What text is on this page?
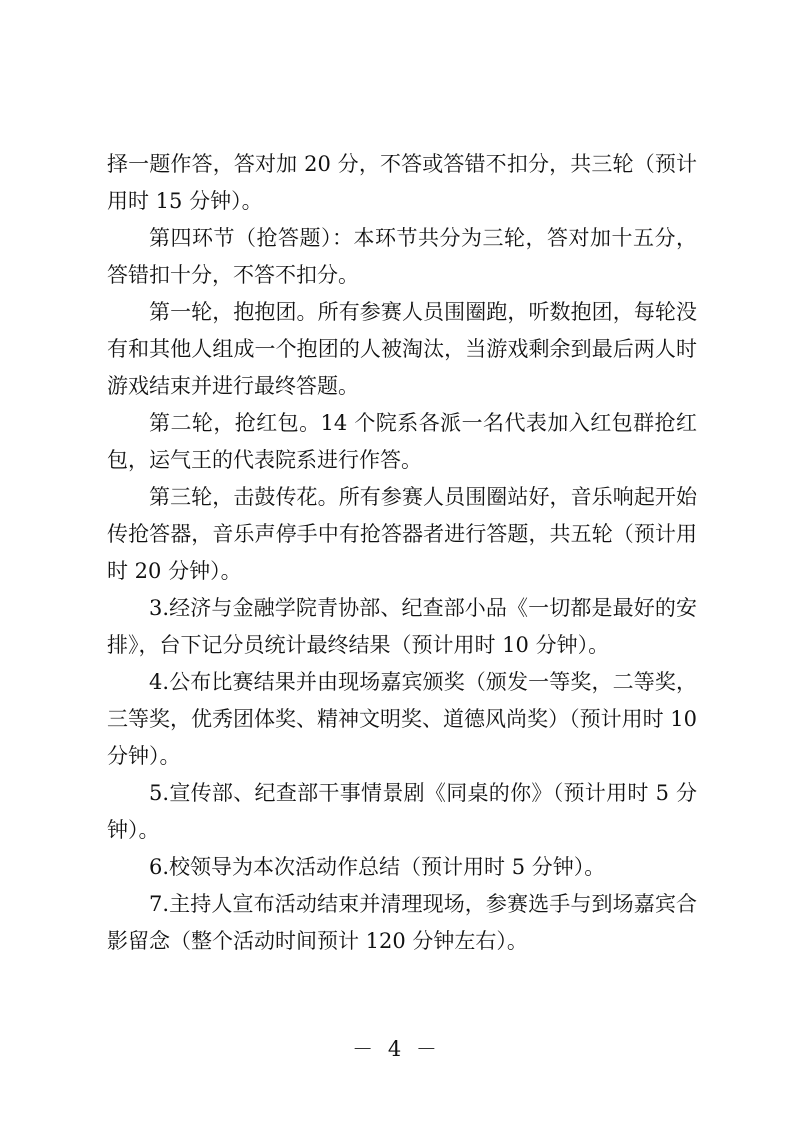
择一题作答，答对加 20 分，不答或答错不扣分，共三轮（预计用时 15 分钟）。

第四环节（抢答题）：本环节共分为三轮，答对加十五分，答错扣十分，不答不扣分。

第一轮，抱抱团。所有参赛人员围圈跑，听数抱团，每轮没有和其他人组成一个抱团的人被淘汰，当游戏剩余到最后两人时游戏结束并进行最终答题。

第二轮，抢红包。14 个院系各派一名代表加入红包群抢红包，运气王的代表院系进行作答。

第三轮，击鼓传花。所有参赛人员围圈站好，音乐响起开始传抢答器，音乐声停手中有抢答器者进行答题，共五轮（预计用时 20 分钟）。

3.经济与金融学院青协部、纪查部小品《一切都是最好的安排》，台下记分员统计最终结果（预计用时 10 分钟）。

4.公布比赛结果并由现场嘉宾颁奖（颁发一等奖，二等奖，三等奖，优秀团体奖、精神文明奖、道德风尚奖）（预计用时 10 分钟）。

5.宣传部、纪查部干事情景剧《同桌的你》（预计用时 5 分钟）。

6.校领导为本次活动作总结（预计用时 5 分钟）。

7.主持人宣布活动结束并清理现场，参赛选手与到场嘉宾合影留念（整个活动时间预计 120 分钟左右）。

－ 4 －
